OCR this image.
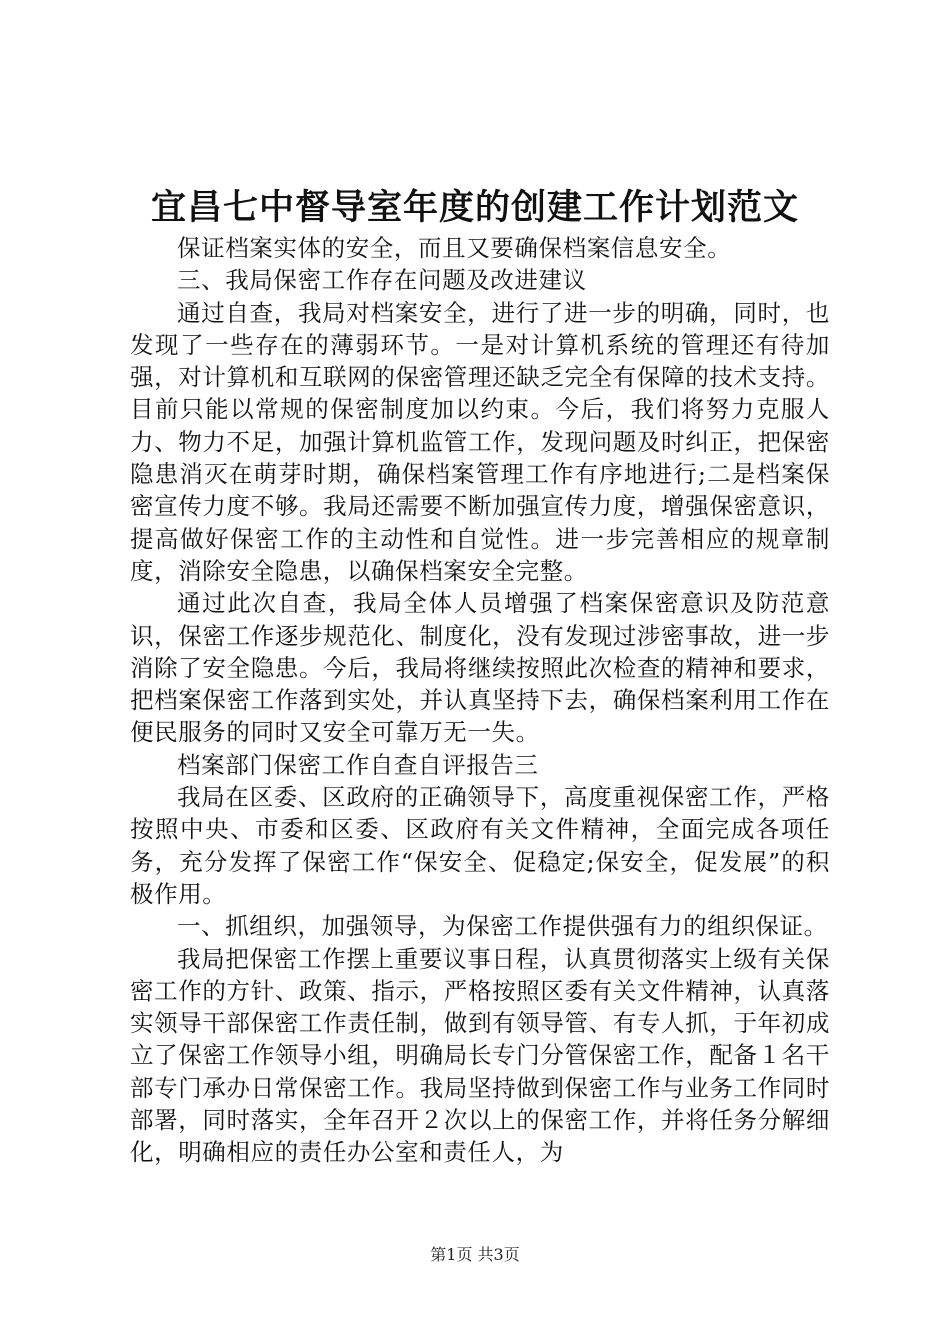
宜昌七中督导室年度的创建工作计划范文

保证档案实体的安全，而且又要确保档案信息安全。

三、我局保密工作存在问题及改进建议

通过自查，我局对档案安全，进行了进一步的明确，同时，也发现了一些存在的薄弱环节。一是对计算机系统的管理还有待加强，对计算机和互联网的保密管理还缺乏完全有保障的技术支持。目前只能以常规的保密制度加以约束。今后，我们将努力克服人力、物力不足，加强计算机监管工作，发现问题及时纠正，把保密隐患消灭在萌芽时期，确保档案管理工作有序地进行;二是档案保密宣传力度不够。我局还需要不断加强宣传力度，增强保密意识，提高做好保密工作的主动性和自觉性。进一步完善相应的规章制度，消除安全隐患，以确保档案安全完整。

通过此次自查，我局全体人员增强了档案保密意识及防范意识，保密工作逐步规范化、制度化，没有发现过涉密事故，进一步消除了安全隐患。今后，我局将继续按照此次检查的精神和要求，把档案保密工作落到实处，并认真坚持下去，确保档案利用工作在便民服务的同时又安全可靠万无一失。

档案部门保密工作自查自评报告三

我局在区委、区政府的正确领导下，高度重视保密工作，严格按照中央、市委和区委、区政府有关文件精神，全面完成各项任务，充分发挥了保密工作“保安全、促稳定;保安全，促发展”的积极作用。

一、抓组织，加强领导，为保密工作提供强有力的组织保证。

我局把保密工作摆上重要议事日程，认真贯彻落实上级有关保密工作的方针、政策、指示，严格按照区委有关文件精神，认真落实领导干部保密工作责任制，做到有领导管、有专人抓，于年初成立了保密工作领导小组，明确局长专门分管保密工作，配备１名干部专门承办日常保密工作。我局坚持做到保密工作与业务工作同时部署，同时落实，全年召开２次以上的保密工作，并将任务分解细化，明确相应的责任办公室和责任人，为

第1页 共3页
